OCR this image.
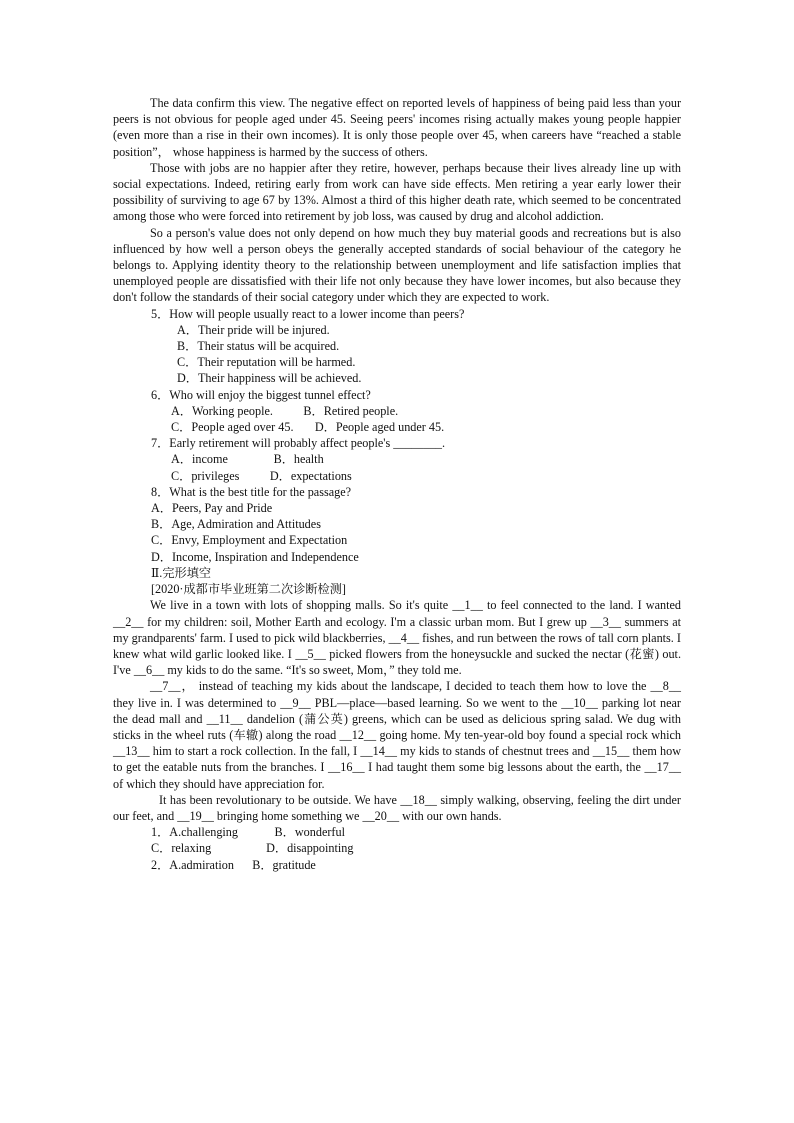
The data confirm this view. The negative effect on reported levels of happiness of being paid less than your peers is not obvious for people aged under 45. Seeing peers' incomes rising actually makes young people happier (even more than a rise in their own incomes). It is only those people over 45, when careers have “reached a stable position”， whose happiness is harmed by the success of others.

Those with jobs are no happier after they retire, however, perhaps because their lives already line up with social expectations. Indeed, retiring early from work can have side effects. Men retiring a year early lower their possibility of surviving to age 67 by 13%. Almost a third of this higher death rate, which seemed to be concentrated among those who were forced into retirement by job loss, was caused by drug and alcohol addiction.

So a person's value does not only depend on how much they buy material goods and recreations but is also influenced by how well a person obeys the generally accepted standards of social behaviour of the category he belongs to. Applying identity theory to the relationship between unemployment and life satisfaction implies that unemployed people are dissatisfied with their life not only because they have lower incomes, but also because they don't follow the standards of their social category under which they are expected to work.

5．How will people usually react to a lower income than peers?

A．Their pride will be injured.

B．Their status will be acquired.

C．Their reputation will be harmed.

D．Their happiness will be achieved.

6．Who will enjoy the biggest tunnel effect?

A．Working people.          B．Retired people.

C．People aged over 45.       D．People aged under 45.

7．Early retirement will probably affect people's ________.

A．income               B．health

C．privileges          D．expectations

8．What is the best title for the passage?

A．Peers, Pay and Pride

B．Age, Admiration and Attitudes

C．Envy, Employment and Expectation

D．Income, Inspiration and Independence

Ⅱ.完形填空

[2020·成都市毕业班第二次诊断检测]

We live in a town with lots of shopping malls. So it's quite __1__ to feel connected to the land. I wanted __2__ for my children: soil, Mother Earth and ecology. I'm a classic urban mom. But I grew up __3__ summers at my grandparents' farm. I used to pick wild blackberries, __4__ fishes, and run between the rows of tall corn plants. I knew what wild garlic looked like. I __5__ picked flowers from the honeysuckle and sucked the nectar (花蜜) out. I've __6__ my kids to do the same. “It's so sweet, Mom，” they told me.

__7__， instead of teaching my kids about the landscape, I decided to teach them how to love the __8__ they live in. I was determined to __9__ PBL—place—based learning. So we went to the __10__ parking lot near the dead mall and __11__ dandelion (蒲公英) greens, which can be used as delicious spring salad. We dug with sticks in the wheel ruts (车辙) along the road __12__ going home. My ten-year-old boy found a special rock which __13__ him to start a rock collection. In the fall, I __14__ my kids to stands of chestnut trees and __15__ them how to get the eatable nuts from the branches. I __16__ I had taught them some big lessons about the earth, the __17__ of which they should have appreciation for.

It has been revolutionary to be outside. We have __18__ simply walking, observing, feeling the dirt under our feet, and __19__ bringing home something we __20__ with our own hands.

1．A.challenging            B．wonderful

C．relaxing                  D．disappointing

2．A.admiration      B．gratitude
